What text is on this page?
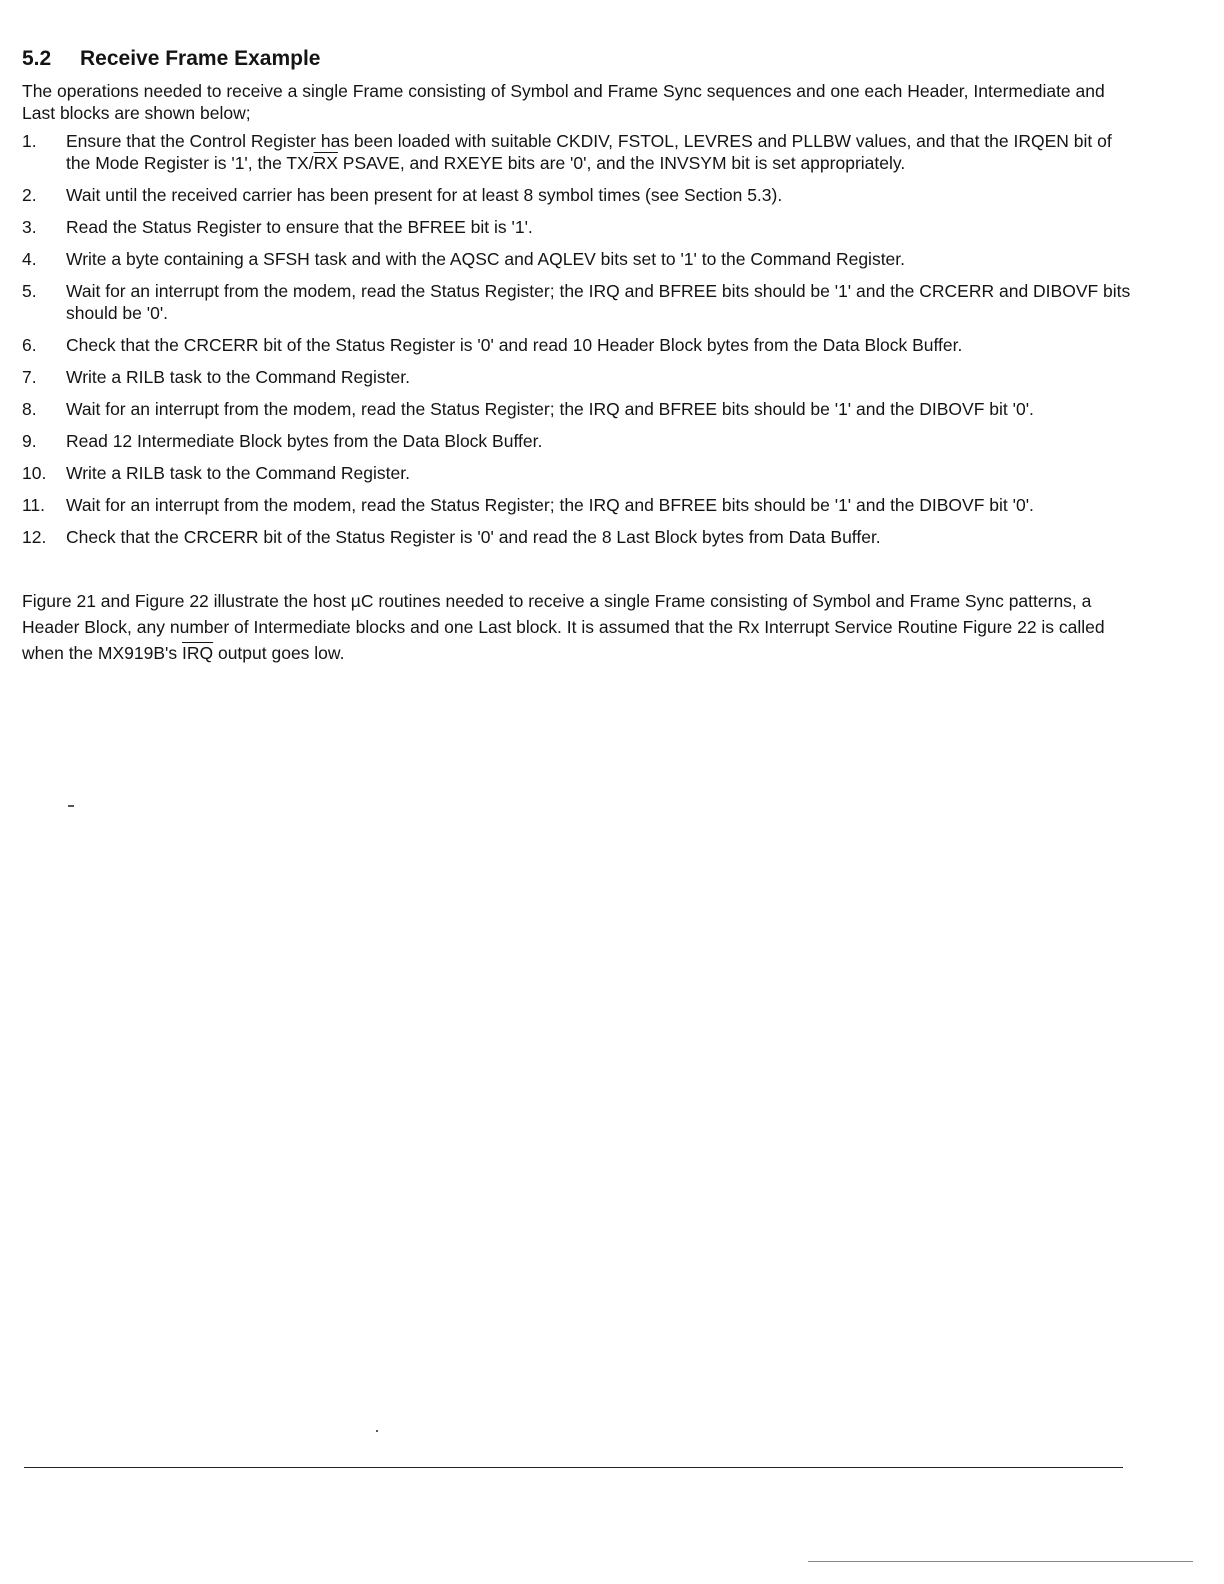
5.2 Receive Frame Example

The operations needed to receive a single Frame consisting of Symbol and Frame Sync sequences and one each Header, Intermediate and Last blocks are shown below;

1. Ensure that the Control Register has been loaded with suitable CKDIV, FSTOL, LEVRES and PLLBW values, and that the IRQEN bit of the Mode Register is '1', the $TX/\overline{RX}$ PSAVE, and RXEYE bits are '0', and the INVSYM bit is set appropriately.
2. Wait until the received carrier has been present for at least 8 symbol times (see Section 5.3).
3. Read the Status Register to ensure that the BFREE bit is '1'.
4. Write a byte containing a SFSH task and with the AQSC and AQLEV bits set to '1' to the Command Register.
5. Wait for an interrupt from the modem, read the Status Register; the IRQ and BFREE bits should be '1' and the CRCERR and DIBOVF bits should be '0'.
6. Check that the CRCERR bit of the Status Register is '0' and read 10 Header Block bytes from the Data Block Buffer.
7. Write a RILB task to the Command Register.
8. Wait for an interrupt from the modem, read the Status Register; the IRQ and BFREE bits should be '1' and the DIBOVF bit '0'.
9. Read 12 Intermediate Block bytes from the Data Block Buffer.
10. Write a RILB task to the Command Register.
11. Wait for an interrupt from the modem, read the Status Register; the IRQ and BFREE bits should be '1' and the DIBOVF bit '0'.
12. Check that the CRCERR bit of the Status Register is '0' and read the 8 Last Block bytes from Data Buffer.

Figure 21 and Figure 22 illustrate the host µC routines needed to receive a single Frame consisting of Symbol and Frame Sync patterns, a Header Block, any number of Intermediate blocks and one Last block. It is assumed that the Rx Interrupt Service Routine Figure 22 is called when the MX919B's $\overline{IRQ}$ output goes low.
